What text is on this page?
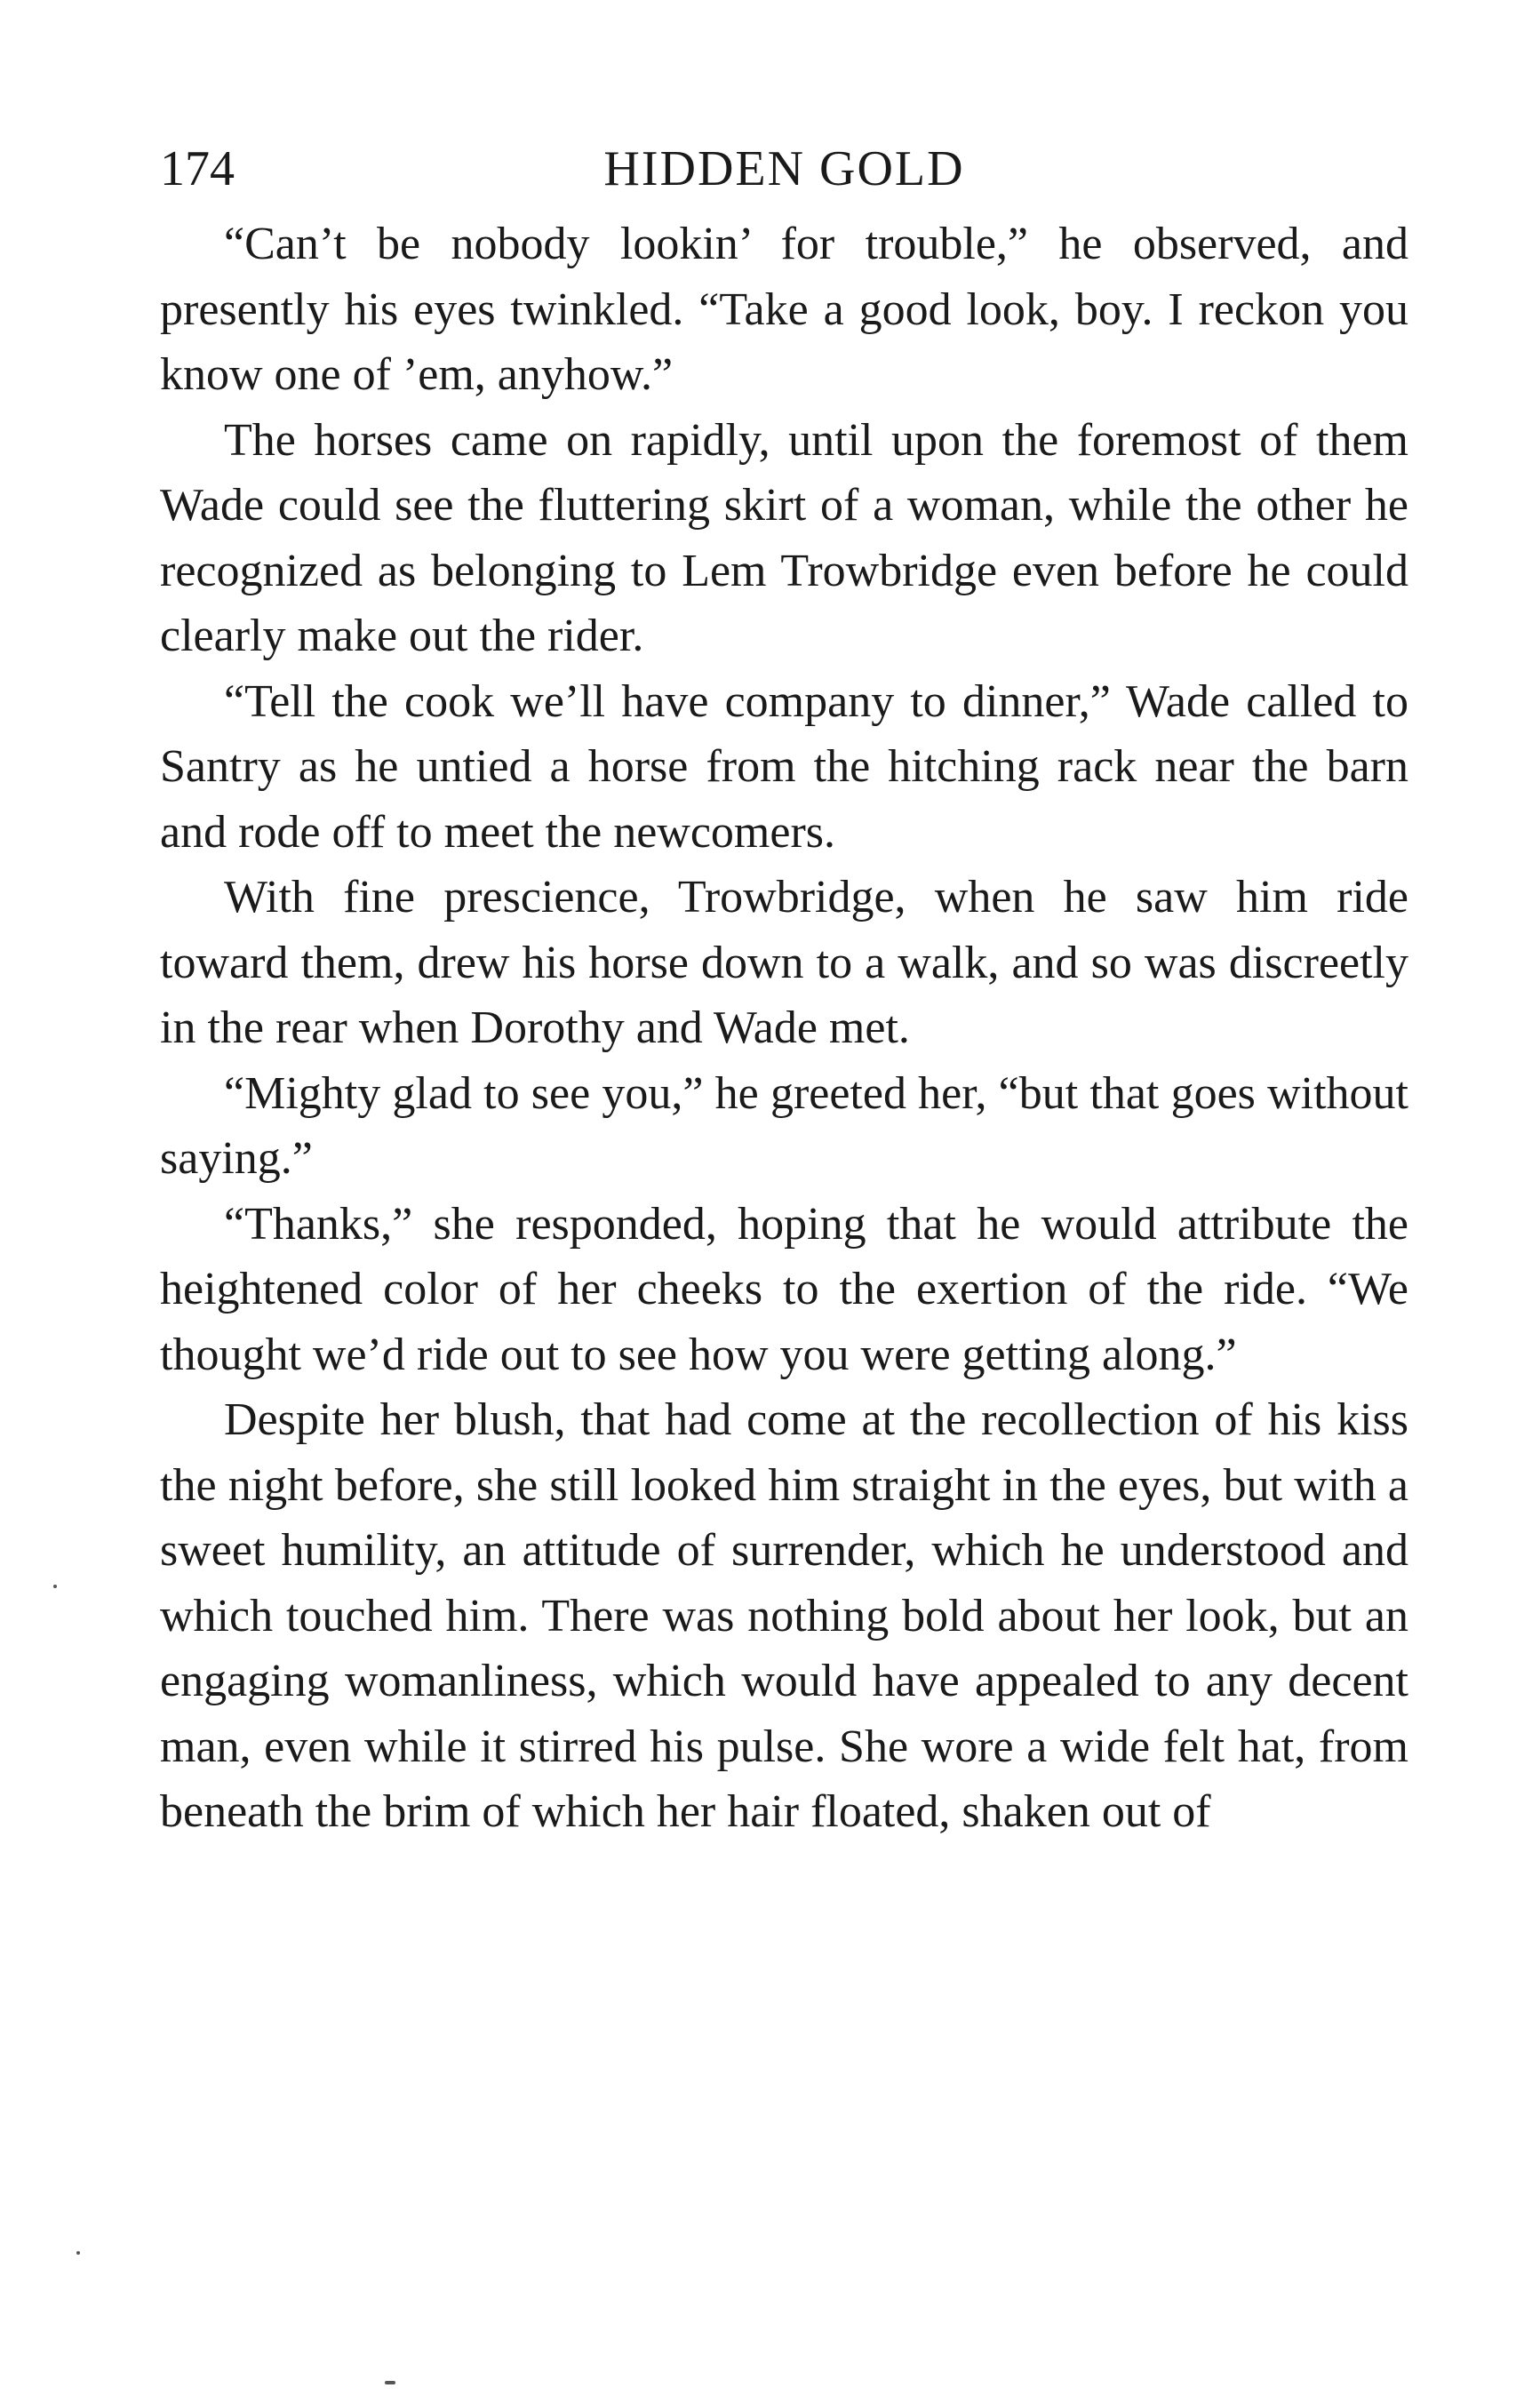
174	HIDDEN GOLD

“Can’t be nobody lookin’ for trouble,” he observed, and presently his eyes twinkled. “Take a good look, boy. I reckon you know one of ’em, anyhow.”

The horses came on rapidly, until upon the foremost of them Wade could see the fluttering skirt of a woman, while the other he recognized as belonging to Lem Trowbridge even before he could clearly make out the rider.

“Tell the cook we’ll have company to dinner,” Wade called to Santry as he untied a horse from the hitching rack near the barn and rode off to meet the newcomers.

With fine prescience, Trowbridge, when he saw him ride toward them, drew his horse down to a walk, and so was discreetly in the rear when Dorothy and Wade met.

“Mighty glad to see you,” he greeted her, “but that goes without saying.”

“Thanks,” she responded, hoping that he would attribute the heightened color of her cheeks to the exertion of the ride. “We thought we’d ride out to see how you were getting along.”

Despite her blush, that had come at the recollection of his kiss the night before, she still looked him straight in the eyes, but with a sweet humility, an attitude of surrender, which he understood and which touched him. There was nothing bold about her look, but an engaging womanliness, which would have appealed to any decent man, even while it stirred his pulse. She wore a wide felt hat, from beneath the brim of which her hair floated, shaken out of
